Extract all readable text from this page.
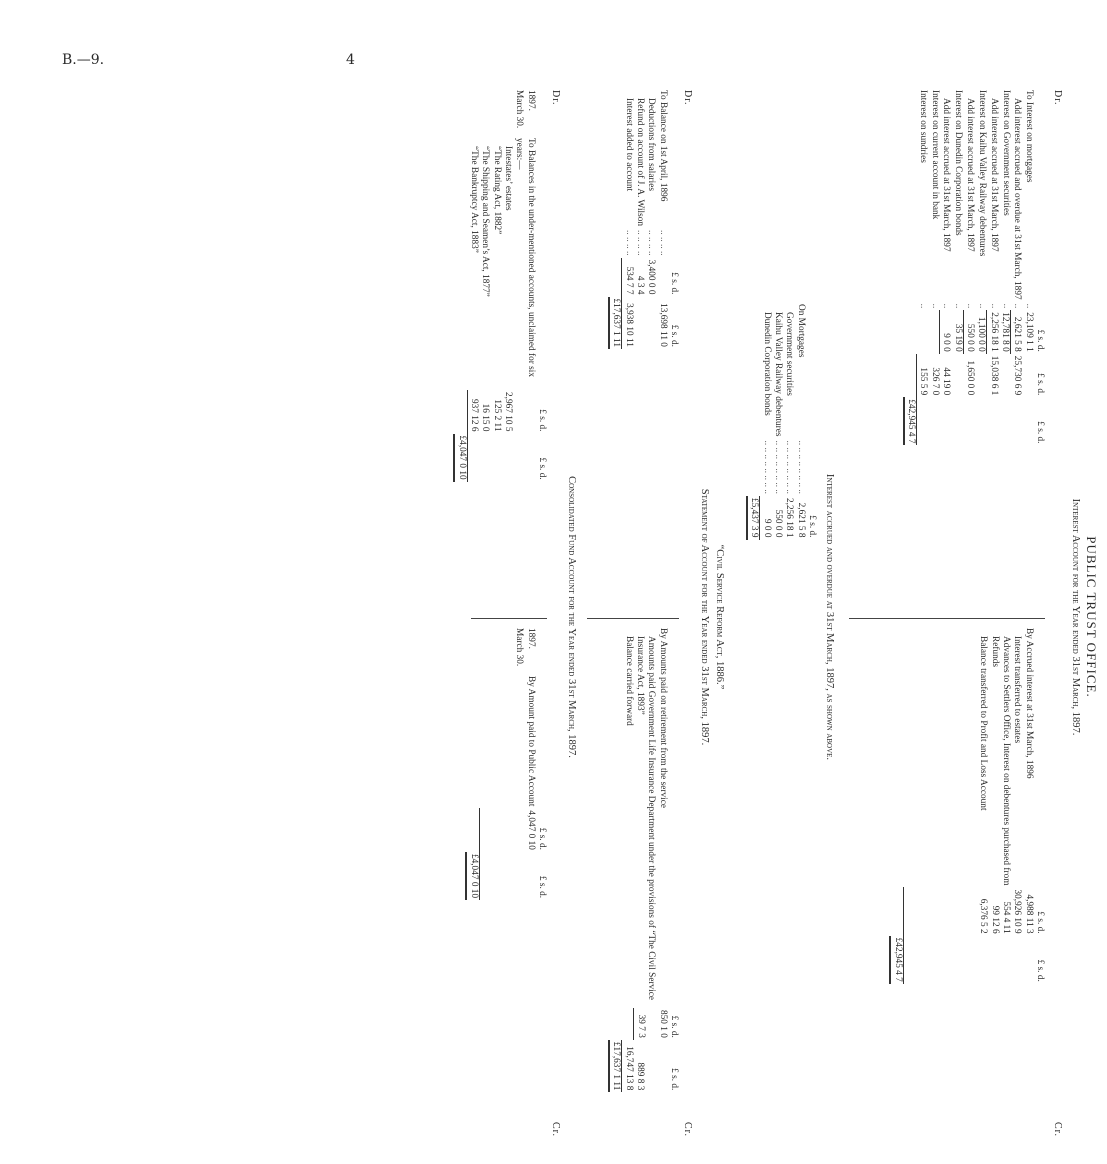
B.—9.	4
PUBLIC TRUST OFFICE.
Interest Account for the Year ended 31st March, 1897.
Dr.
Cr.
		£ s. d.	£ s. d.	£ s. d.
To Interest on mortgages	..	23,109 1 1		
Add interest accrued and overdue at 31st March, 1897	..	2,621 5 8	25,730 6 9	
Interest on Government securities	..	12,781 8 0		
Add interest accrued at 31st March, 1897	..	2,256 18 1	15,038 6 1	
Interest on Kaihu Valley Railway debentures	..	1,100 0 0		
Add interest accrued at 31st March, 1897	..	550 0 0	1,650 0 0	
Interest on Dunedin Corporation bonds	..	35 19 0		
Add interest accrued at 31st March, 1897	..	9 0 0	44 19 0	
Interest on current account in bank	..		326 7 0	
Interest on sundries	..		155 5 9	
				£42,945 4 7
	£ s. d.	£ s. d.
By Accrued interest at 31st March, 1896	4,988 11 3	
Interest transferred to estates	30,926 10 9	
Advances to Settlers Office, Interest on debentures purchased from	554 4 11	
Refunds	99 12 6	
Balance transferred to Profit and Loss Account	6,376 5 2	

		£42,945 4 7
Interest accrued and overdue at 31st March, 1897, as shown above.
		£ s. d.
On Mortgages	.. .. .. .. .. .. .. ..	2,621 5 8
Government securities	.. .. .. .. .. .. .. ..	2,256 18 1
Kaihu Valley Railway debentures	.. .. .. .. .. .. .. ..	550 0 0
Dunedin Corporation bonds	.. .. .. .. .. .. .. ..	9 0 0
		£5,437 3 9
“Civil Service Reform Act, 1886.”
Statement of Account for the Year ended 31st March, 1897.
Dr.
Cr.
		£ s. d.	£ s. d.
To Balance on 1st April, 1896	.. .. .. ..		13,698 11 0
Deductions from salaries	.. .. .. ..	3,400 0 0	
Refund on account of J. A. Wilson	.. .. .. ..	4 3 4	
Interest added to account	.. .. .. ..	534 7 7	3,938 10 11
			£17,637 1 11
	£ s. d.	£ s. d.
By Amounts paid on retirement from the service	850 1 0	
Amounts paid Government Life Insurance Department under the provisions of “The Civil Service Insurance Act, 1893”	39 7 3	889 8 3
Balance carried forward		16,747 13 8
		£17,637 1 11
Consolidated Fund Account for the Year ended 31st March, 1897.
Dr.
Cr.
		£ s. d.	£ s. d.
1897. March 30.	To Balances in the under-mentioned accounts, unclaimed for six years:—		
	Intestates’ estates	2,967 10 5	
	“The Rating Act, 1882”	125 2 11	
	“The Shipping and Seamen’s Act, 1877”	16 15 0	
	“The Bankruptcy Act, 1883”	937 12 6	
			£4,047 0 10
		£ s. d.	£ s. d.
1897. March 30.	By Amount paid to Public Account	4,047 0 10	

			£4,047 0 10
